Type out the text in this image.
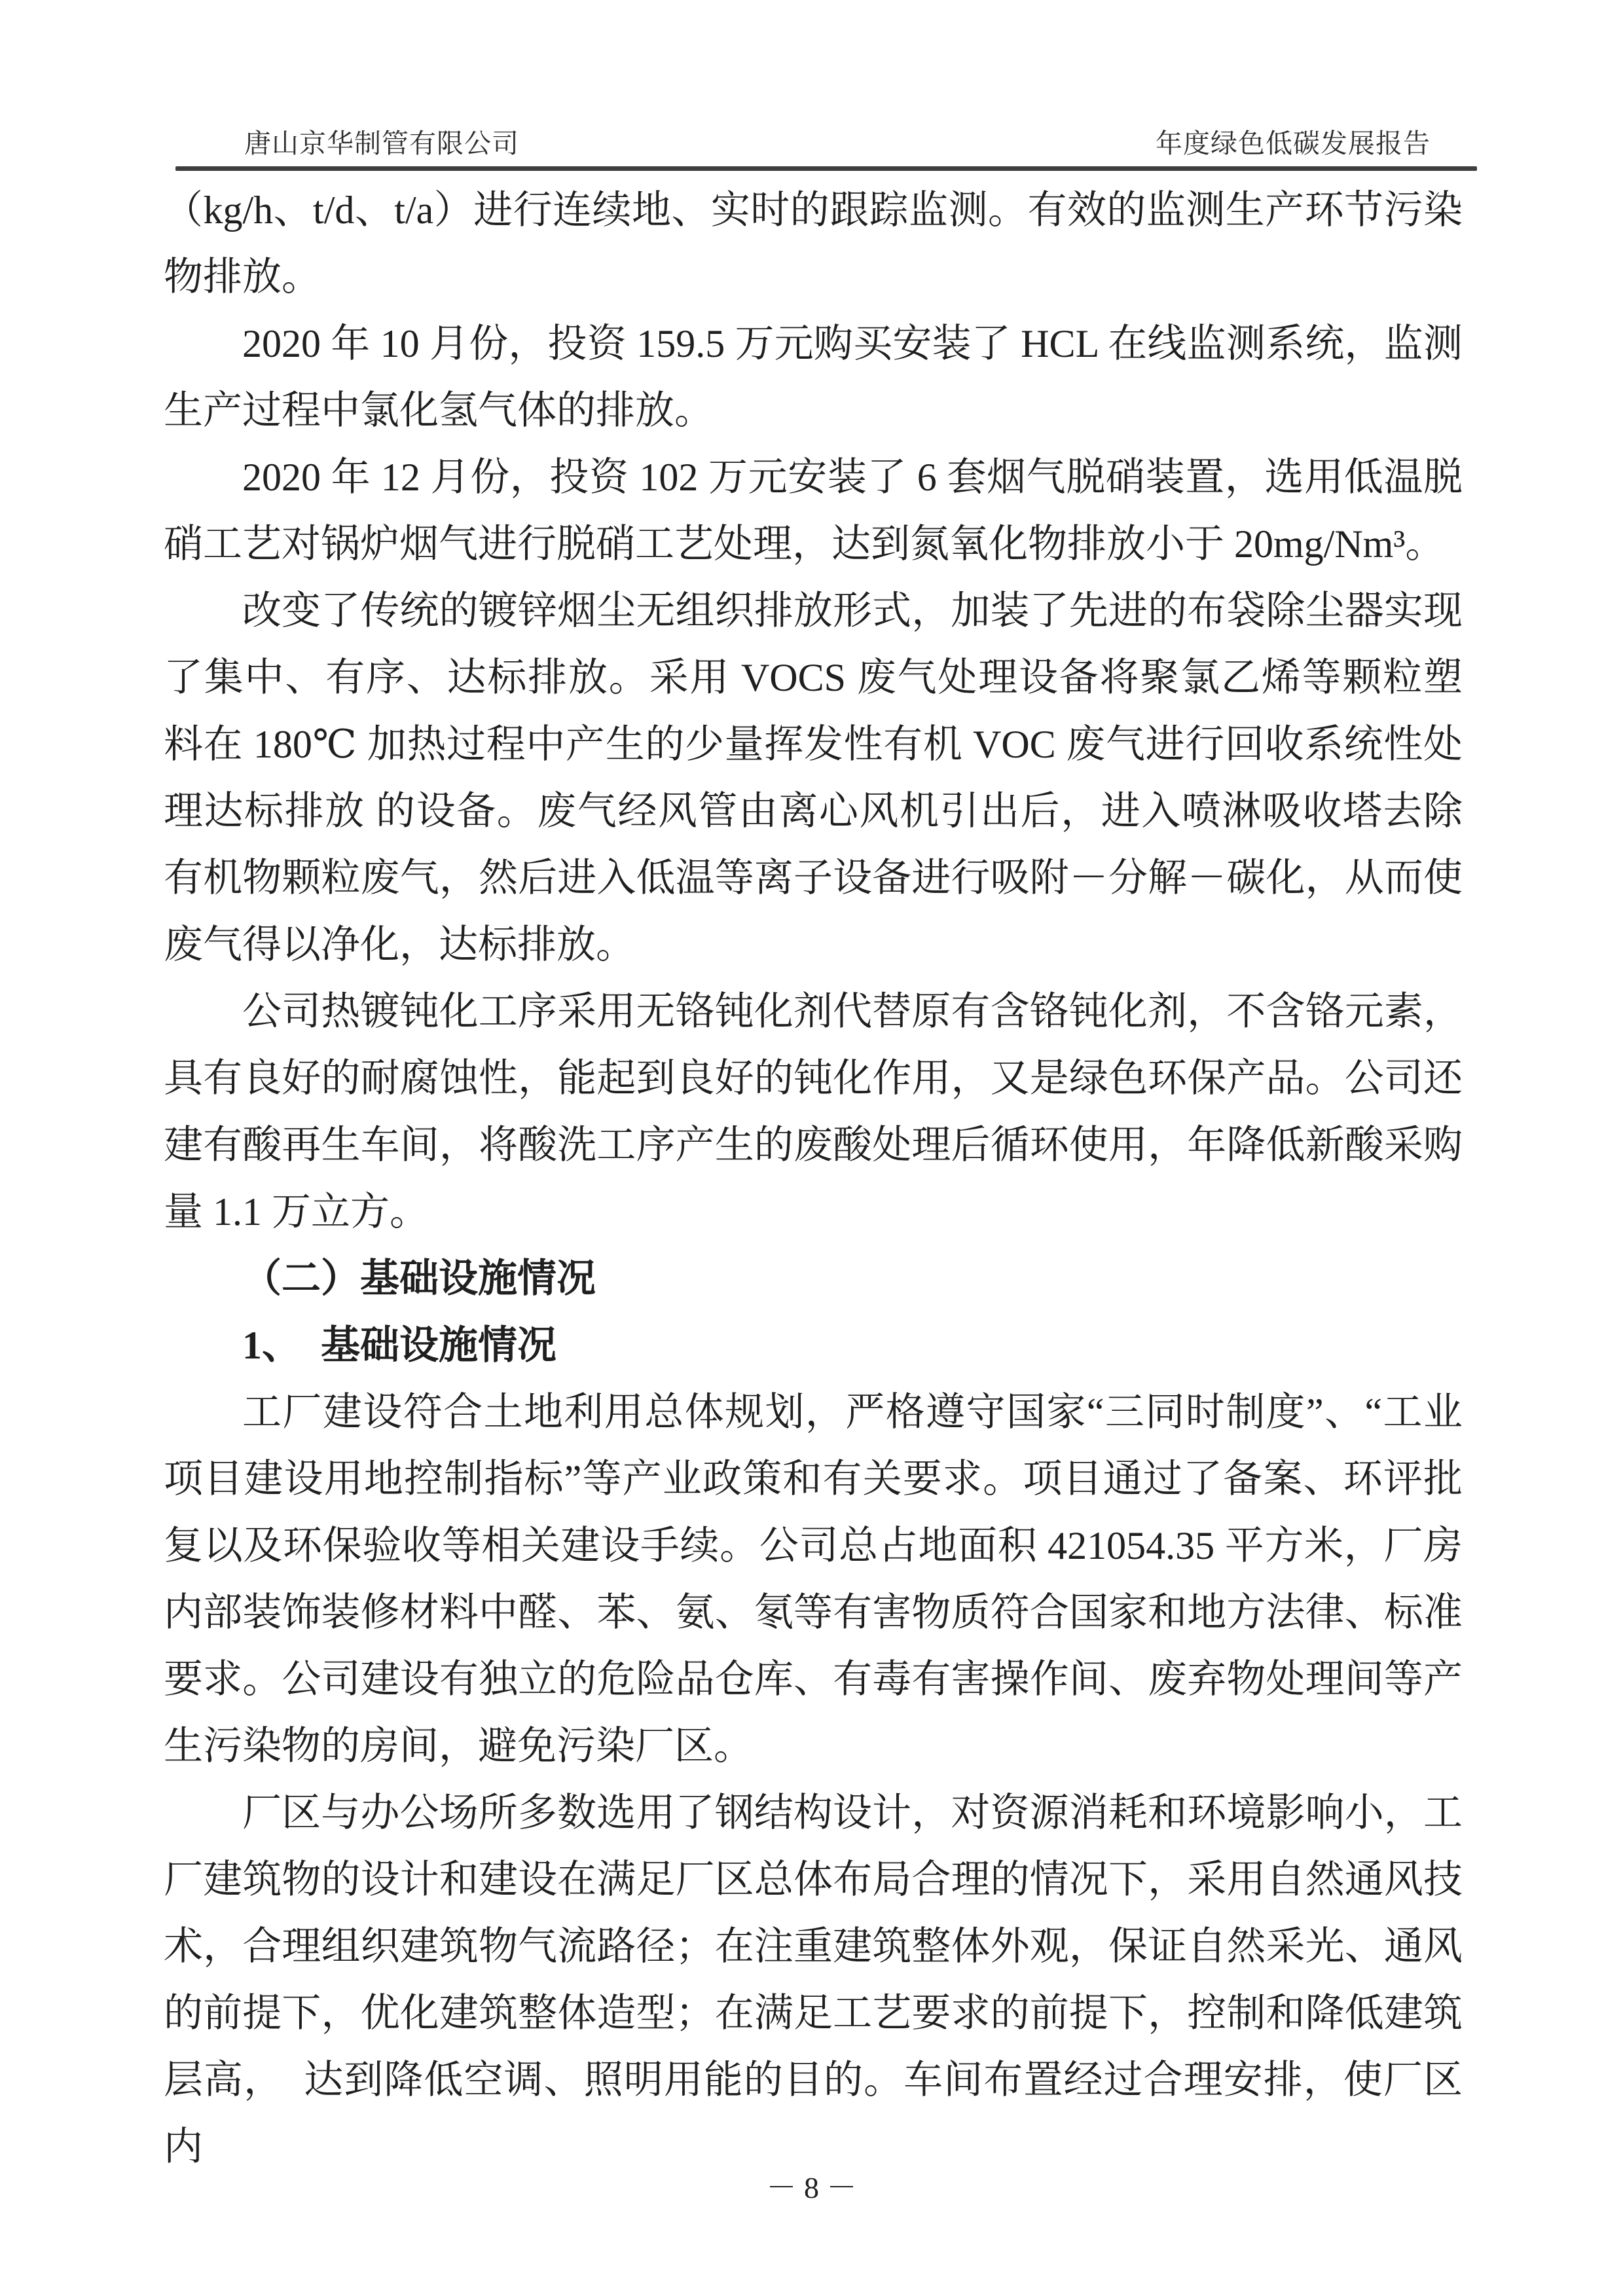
唐山京华制管有限公司	年度绿色低碳发展报告

（kg/h、t/d、t/a）进行连续地、实时的跟踪监测。有效的监测生产环节污染物排放。

2020 年 10 月份，投资 159.5 万元购买安装了 HCL 在线监测系统，监测生产过程中氯化氢气体的排放。

2020 年 12 月份，投资 102 万元安装了 6 套烟气脱硝装置，选用低温脱硝工艺对锅炉烟气进行脱硝工艺处理，达到氮氧化物排放小于 20mg/Nm³。

改变了传统的镀锌烟尘无组织排放形式，加装了先进的布袋除尘器实现了集中、有序、达标排放。采用 VOCS 废气处理设备将聚氯乙烯等颗粒塑料在 180℃ 加热过程中产生的少量挥发性有机 VOC 废气进行回收系统性处理达标排放 的设备。废气经风管由离心风机引出后，进入喷淋吸收塔去除有机物颗粒废气，然后进入低温等离子设备进行吸附－分解－碳化，从而使废气得以净化，达标排放。

公司热镀钝化工序采用无铬钝化剂代替原有含铬钝化剂，不含铬元素，具有良好的耐腐蚀性，能起到良好的钝化作用，又是绿色环保产品。公司还建有酸再生车间，将酸洗工序产生的废酸处理后循环使用，年降低新酸采购量 1.1 万立方。

（二）基础设施情况
1、　基础设施情况

工厂建设符合土地利用总体规划，严格遵守国家“三同时制度”、“工业项目建设用地控制指标”等产业政策和有关要求。项目通过了备案、环评批复以及环保验收等相关建设手续。公司总占地面积 421054.35 平方米，厂房内部装饰装修材料中醛、苯、氨、氡等有害物质符合国家和地方法律、标准要求。公司建设有独立的危险品仓库、有毒有害操作间、废弃物处理间等产生污染物的房间，避免污染厂区。

厂区与办公场所多数选用了钢结构设计，对资源消耗和环境影响小，工厂建筑物的设计和建设在满足厂区总体布局合理的情况下，采用自然通风技术，合理组织建筑物气流路径；在注重建筑整体外观，保证自然采光、通风的前提下，优化建筑整体造型；在满足工艺要求的前提下，控制和降低建筑层高，　达到降低空调、照明用能的目的。车间布置经过合理安排，使厂区内

－ 8 －
